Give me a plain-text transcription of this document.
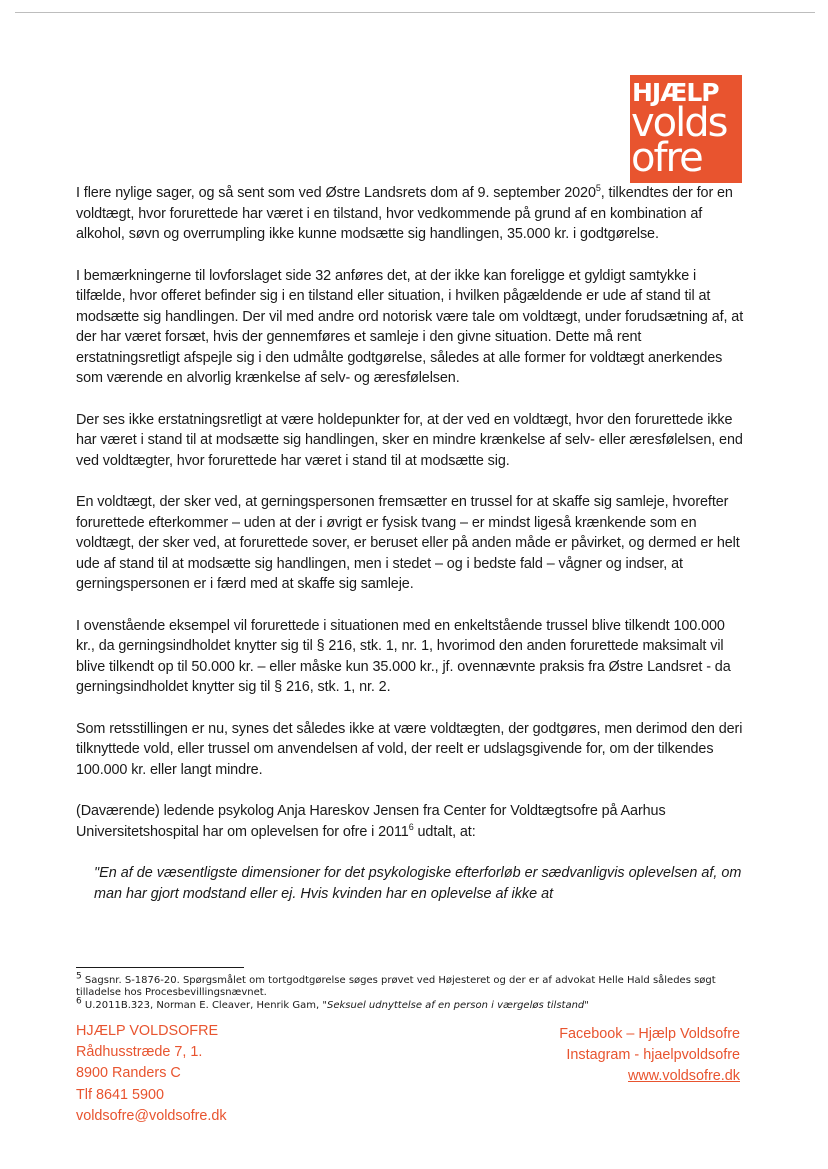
HJÆLP
volds
ofre

I flere nylige sager, og så sent som ved Østre Landsrets dom af 9. september 2020$^5$, tilkendtes der for en voldtægt, hvor forurettede har været i en tilstand, hvor vedkommende på grund af en kombination af alkohol, søvn og overrumpling ikke kunne modsætte sig handlingen, 35.000 kr. i godtgørelse.

I bemærkningerne til lovforslaget side 32 anføres det, at der ikke kan foreligge et gyldigt samtykke i tilfælde, hvor offeret befinder sig i en tilstand eller situation, i hvilken pågældende er ude af stand til at modsætte sig handlingen. Der vil med andre ord notorisk være tale om voldtægt, under forudsætning af, at der har været forsæt, hvis der gennemføres et samleje i den givne situation. Dette må rent erstatningsretligt afspejle sig i den udmålte godtgørelse, således at alle former for voldtægt anerkendes som værende en alvorlig krænkelse af selv- og æresfølelsen.

Der ses ikke erstatningsretligt at være holdepunkter for, at der ved en voldtægt, hvor den forurettede ikke har været i stand til at modsætte sig handlingen, sker en mindre krænkelse af selv- eller æresfølelsen, end ved voldtægter, hvor forurettede har været i stand til at modsætte sig.

En voldtægt, der sker ved, at gerningspersonen fremsætter en trussel for at skaffe sig samleje, hvorefter forurettede efterkommer – uden at der i øvrigt er fysisk tvang – er mindst ligeså krænkende som en voldtægt, der sker ved, at forurettede sover, er beruset eller på anden måde er påvirket, og dermed er helt ude af stand til at modsætte sig handlingen, men i stedet – og i bedste fald – vågner og indser, at gerningspersonen er i færd med at skaffe sig samleje.

I ovenstående eksempel vil forurettede i situationen med en enkeltstående trussel blive tilkendt 100.000 kr., da gerningsindholdet knytter sig til § 216, stk. 1, nr. 1, hvorimod den anden forurettede maksimalt vil blive tilkendt op til 50.000 kr. – eller måske kun 35.000 kr., jf. ovennævnte praksis fra Østre Landsret - da gerningsindholdet knytter sig til § 216, stk. 1, nr. 2.

Som retsstillingen er nu, synes det således ikke at være voldtægten, der godtgøres, men derimod den deri tilknyttede vold, eller trussel om anvendelsen af vold, der reelt er udslagsgivende for, om der tilkendes 100.000 kr. eller langt mindre.

(Daværende) ledende psykolog Anja Hareskov Jensen fra Center for Voldtægtsofre på Aarhus Universitetshospital har om oplevelsen for ofre i 2011$^6$ udtalt, at:

"En af de væsentligste dimensioner for det psykologiske efterforløb er sædvanligvis oplevelsen af, om man har gjort modstand eller ej. Hvis kvinden har en oplevelse af ikke at

$^5$ Sagsnr. S-1876-20. Spørgsmålet om tortgodtgørelse søges prøvet ved Højesteret og der er af advokat Helle Hald således søgt tilladelse hos Procesbevillingsnævnet.
$^6$ U.2011B.323, Norman E. Cleaver, Henrik Gam, "Seksuel udnyttelse af en person i værgeløs tilstand"
HJÆLP VOLDSOFRE
Rådhusstræde 7, 1.
8900 Randers C
Tlf 8641 5900
voldsofre@voldsofre.dk
Facebook – Hjælp Voldsofre
Instagram - hjaelpvoldsofre
www.voldsofre.dk
